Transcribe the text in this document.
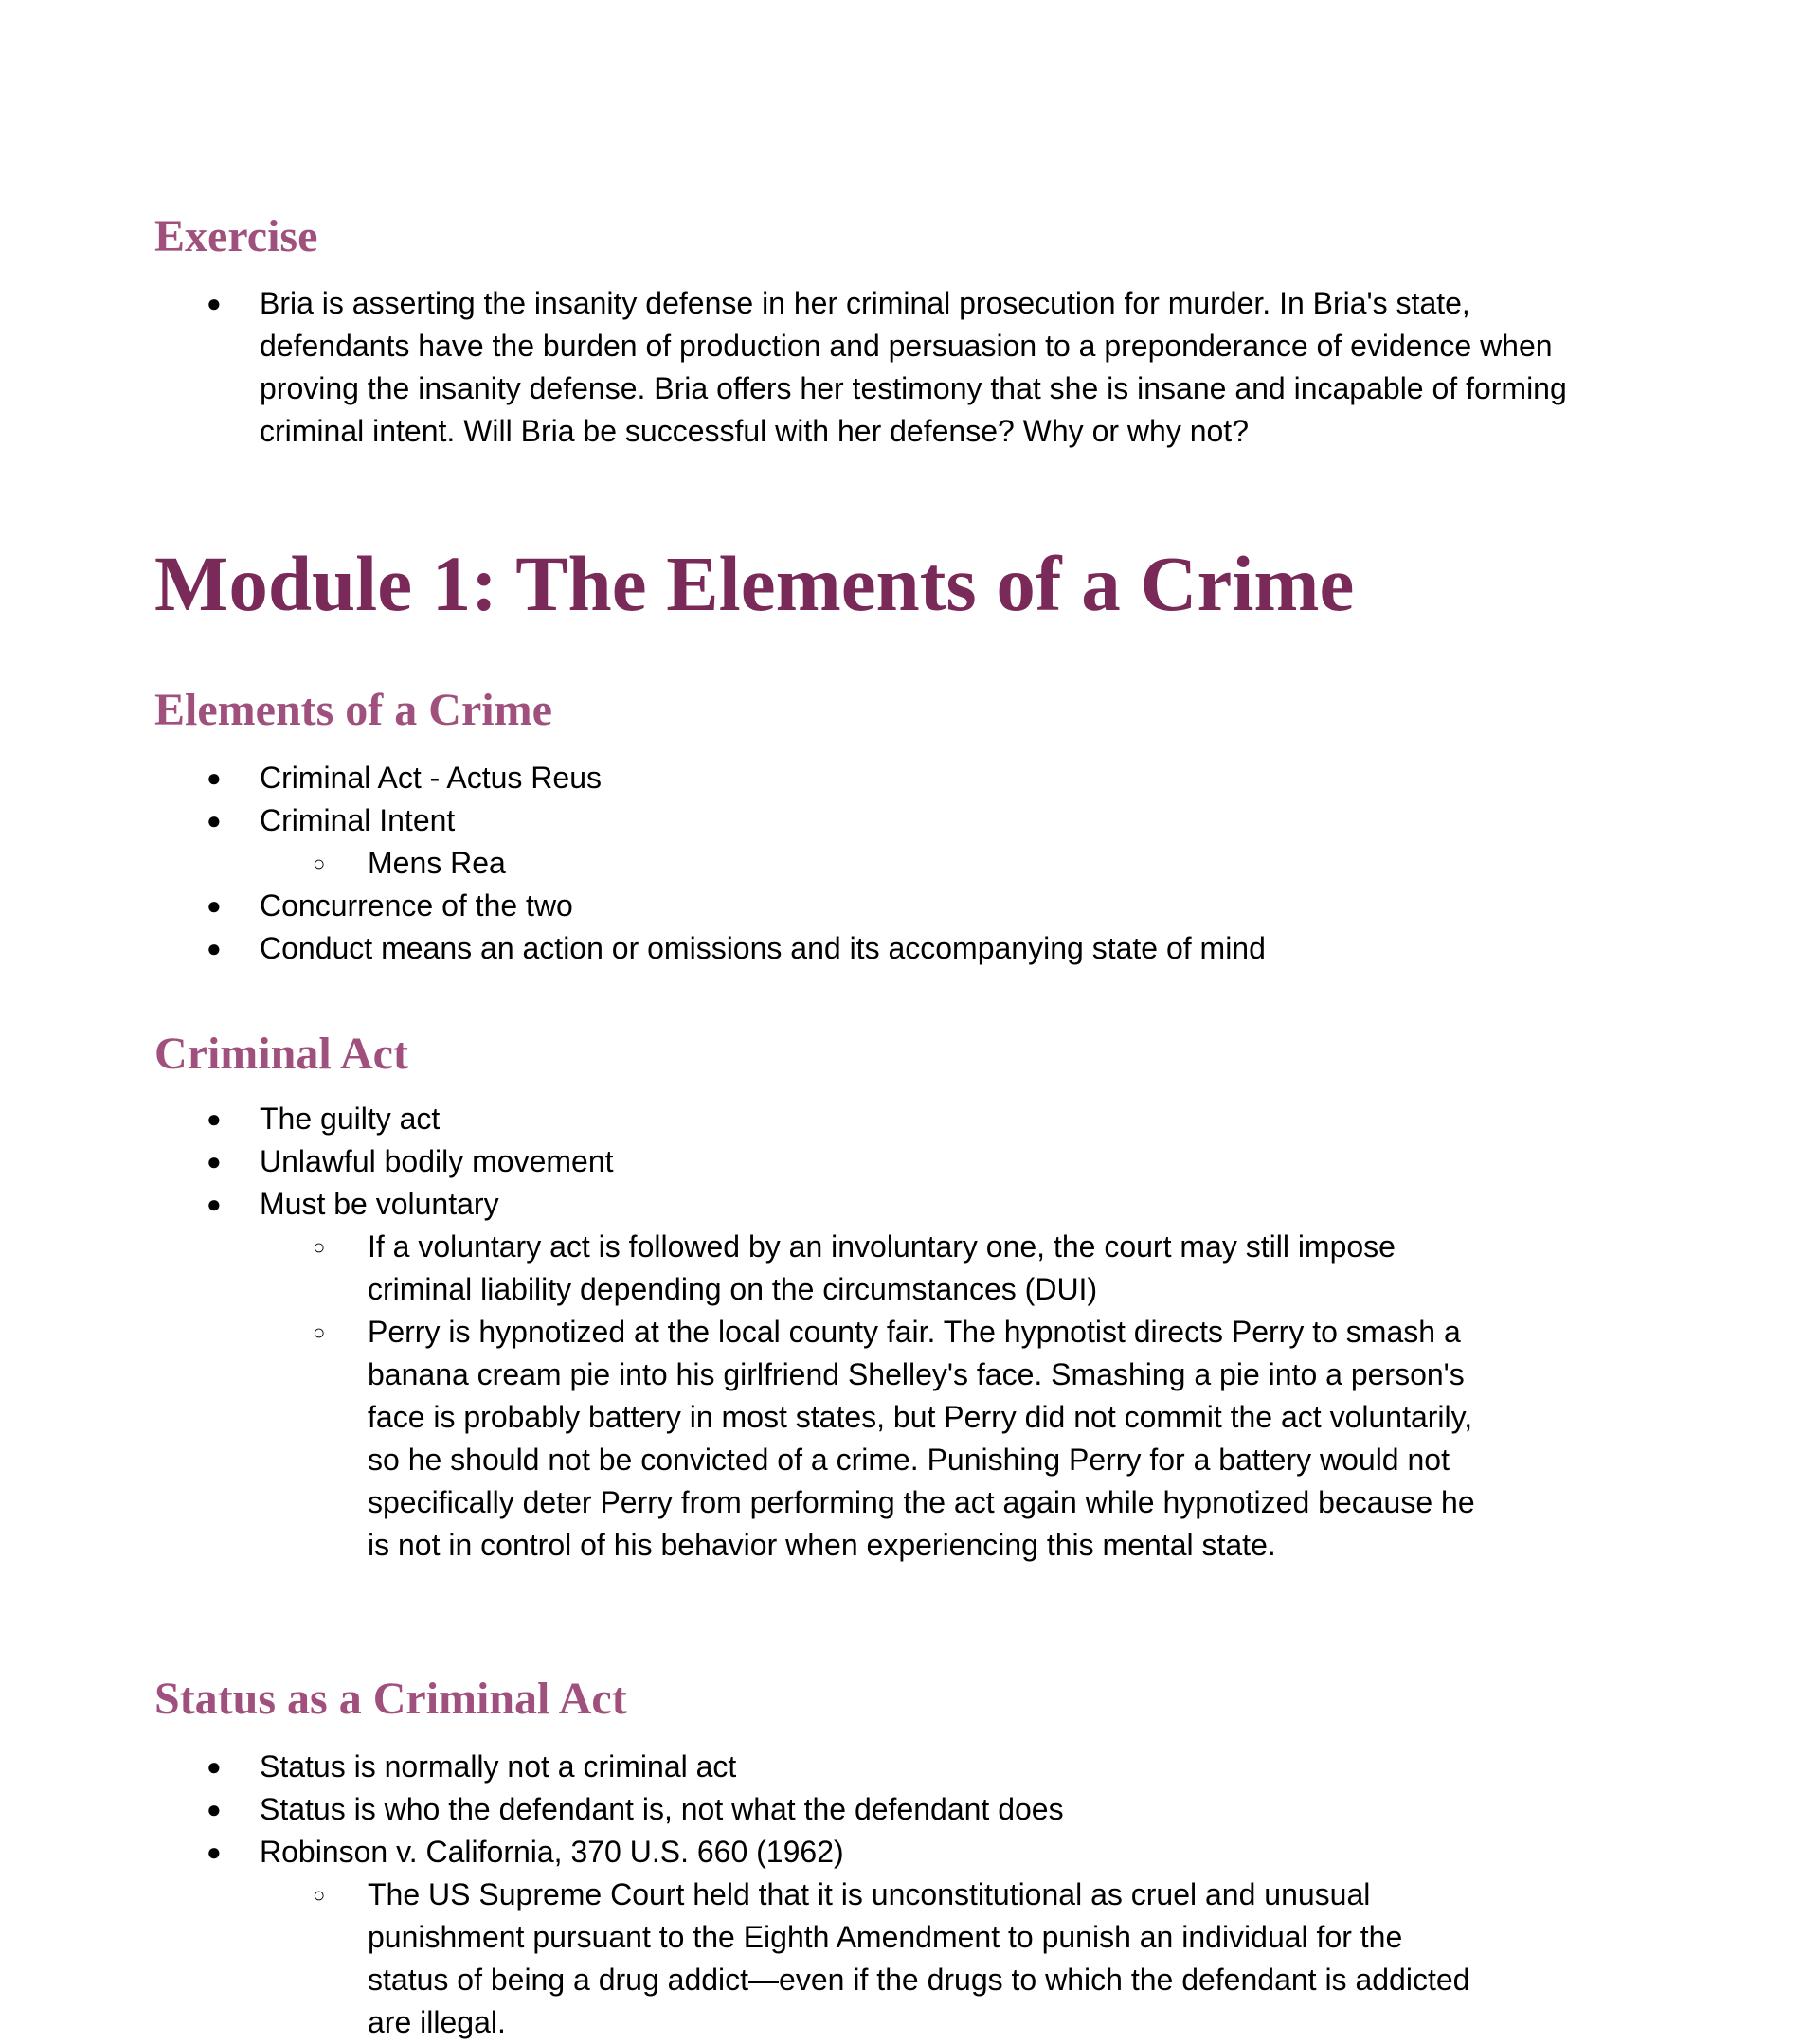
Exercise
● Bria is asserting the insanity defense in her criminal prosecution for murder. In Bria's state, defendants have the burden of production and persuasion to a preponderance of evidence when proving the insanity defense. Bria offers her testimony that she is insane and incapable of forming criminal intent. Will Bria be successful with her defense? Why or why not?
Module 1: The Elements of a Crime
Elements of a Crime
● Criminal Act - Actus Reus
● Criminal Intent
○ Mens Rea
● Concurrence of the two
● Conduct means an action or omissions and its accompanying state of mind
Criminal Act
● The guilty act
● Unlawful bodily movement
● Must be voluntary
○ If a voluntary act is followed by an involuntary one, the court may still impose criminal liability depending on the circumstances (DUI)
○ Perry is hypnotized at the local county fair. The hypnotist directs Perry to smash a banana cream pie into his girlfriend Shelley's face. Smashing a pie into a person's face is probably battery in most states, but Perry did not commit the act voluntarily, so he should not be convicted of a crime. Punishing Perry for a battery would not specifically deter Perry from performing the act again while hypnotized because he is not in control of his behavior when experiencing this mental state.
Status as a Criminal Act
● Status is normally not a criminal act
● Status is who the defendant is, not what the defendant does
● Robinson v. California, 370 U.S. 660 (1962)
○ The US Supreme Court held that it is unconstitutional as cruel and unusual punishment pursuant to the Eighth Amendment to punish an individual for the status of being a drug addict—even if the drugs to which the defendant is addicted are illegal.
